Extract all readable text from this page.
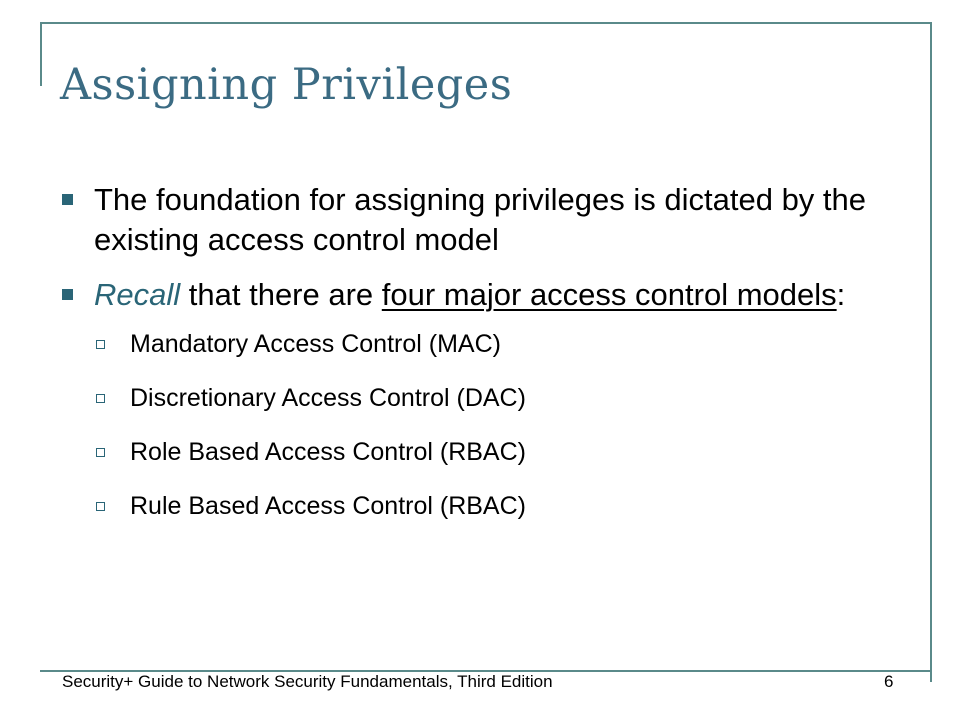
Assigning Privileges
The foundation for assigning privileges is dictated by the existing access control model
Recall that there are four major access control models:
Mandatory Access Control (MAC)
Discretionary Access Control (DAC)
Role Based Access Control (RBAC)
Rule Based Access Control (RBAC)
Security+ Guide to Network Security Fundamentals, Third Edition	6
